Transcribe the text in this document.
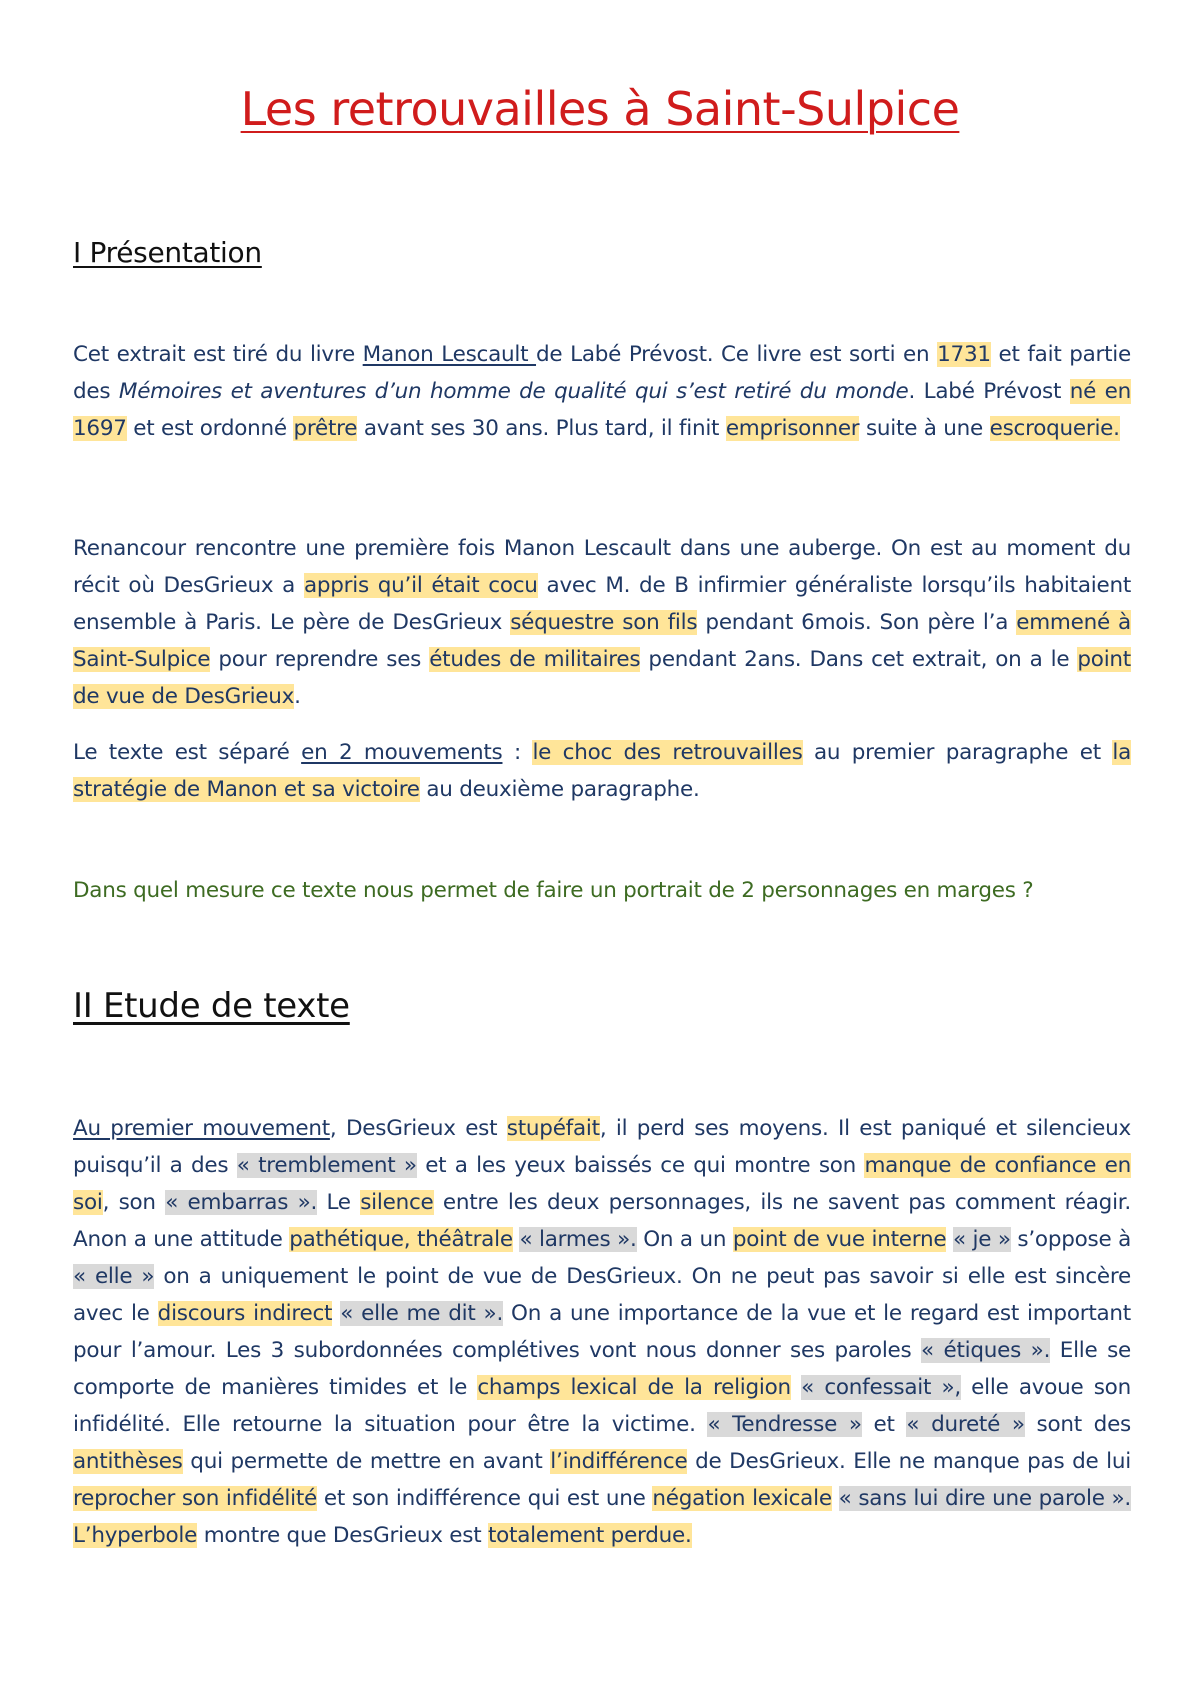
Les retrouvailles à Saint-Sulpice
I Présentation

Cet extrait est tiré du livre Manon Lescault de Labé Prévost. Ce livre est sorti en 1731 et fait partie des Mémoires et aventures d’un homme de qualité qui s’est retiré du monde. Labé Prévost né en 1697 et est ordonné prêtre avant ses 30 ans. Plus tard, il finit emprisonner suite à une escroquerie.

Renancour rencontre une première fois Manon Lescault dans une auberge. On est au moment du récit où DesGrieux a appris qu’il était cocu avec M. de B infirmier généraliste lorsqu’ils habitaient ensemble à Paris. Le père de DesGrieux séquestre son fils pendant 6mois. Son père l’a emmené à Saint-Sulpice pour reprendre ses études de militaires pendant 2ans. Dans cet extrait, on a le point de vue de DesGrieux.

Le texte est séparé en 2 mouvements : le choc des retrouvailles au premier paragraphe et la stratégie de Manon et sa victoire au deuxième paragraphe.

Dans quel mesure ce texte nous permet de faire un portrait de 2 personnages en marges ?
II Etude de texte

Au premier mouvement, DesGrieux est stupéfait, il perd ses moyens. Il est paniqué et silencieux puisqu’il a des « tremblement » et a les yeux baissés ce qui montre son manque de confiance en soi, son « embarras ». Le silence entre les deux personnages, ils ne savent pas comment réagir. Anon a une attitude pathétique, théâtrale « larmes ». On a un point de vue interne « je » s’oppose à « elle » on a uniquement le point de vue de DesGrieux. On ne peut pas savoir si elle est sincère avec le discours indirect « elle me dit ». On a une importance de la vue et le regard est important pour l’amour. Les 3 subordonnées complétives vont nous donner ses paroles « étiques ». Elle se comporte de manières timides et le champs lexical de la religion « confessait », elle avoue son infidélité. Elle retourne la situation pour être la victime. « Tendresse » et « dureté » sont des antithèses qui permette de mettre en avant l’indifférence de DesGrieux. Elle ne manque pas de lui reprocher son infidélité et son indifférence qui est une négation lexicale « sans lui dire une parole ». L’hyperbole montre que DesGrieux est totalement perdue.
